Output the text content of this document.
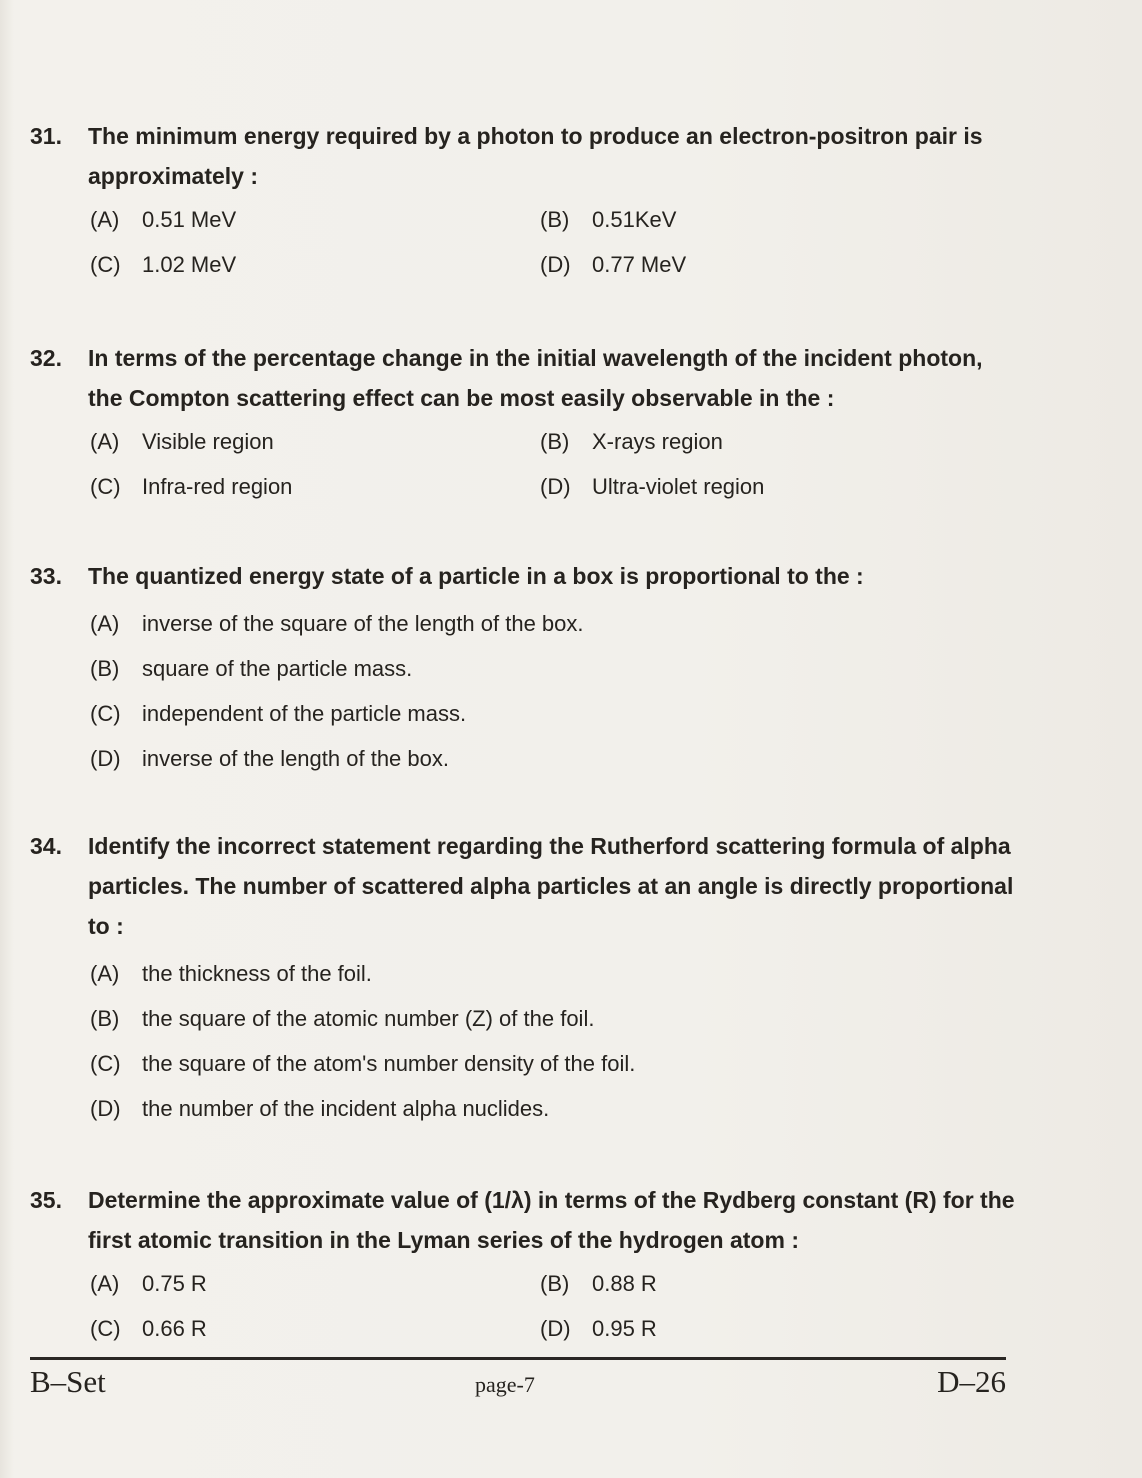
31.	The minimum energy required by a photon to produce an electron-positron pair is approximately :
(A)	0.51 MeV	(B)	0.51KeV
(C) 1.02 MeV	(D) 0.77 MeV
32.	In terms of the percentage change in the initial wavelength of the incident photon, the Compton scattering effect can be most easily observable in the :
(A)	Visible region	(B)	X-rays region
(C) Infra-red region	(D) Ultra-violet region
33.	The quantized energy state of a particle in a box is proportional to the :
(A)	inverse of the square of the length of the box.
(B)	square of the particle mass.
(C) independent of the particle mass.
(D) inverse of the length of the box.
34.	Identify the incorrect statement regarding the Rutherford scattering formula of alpha particles. The number of scattered alpha particles at an angle is directly proportional to :
(A)	the thickness of the foil.
(B)	the square of the atomic number (Z) of the foil.
(C) the square of the atom's number density of the foil.
(D) the number of the incident alpha nuclides.
35.	Determine the approximate value of (1/λ) in terms of the Rydberg constant (R) for the first atomic transition in the Lyman series of the hydrogen atom :
(A)	0.75 R	(B)	0.88 R
(C) 0.66 R	(D) 0.95 R
B–Set	page-7	D–26
